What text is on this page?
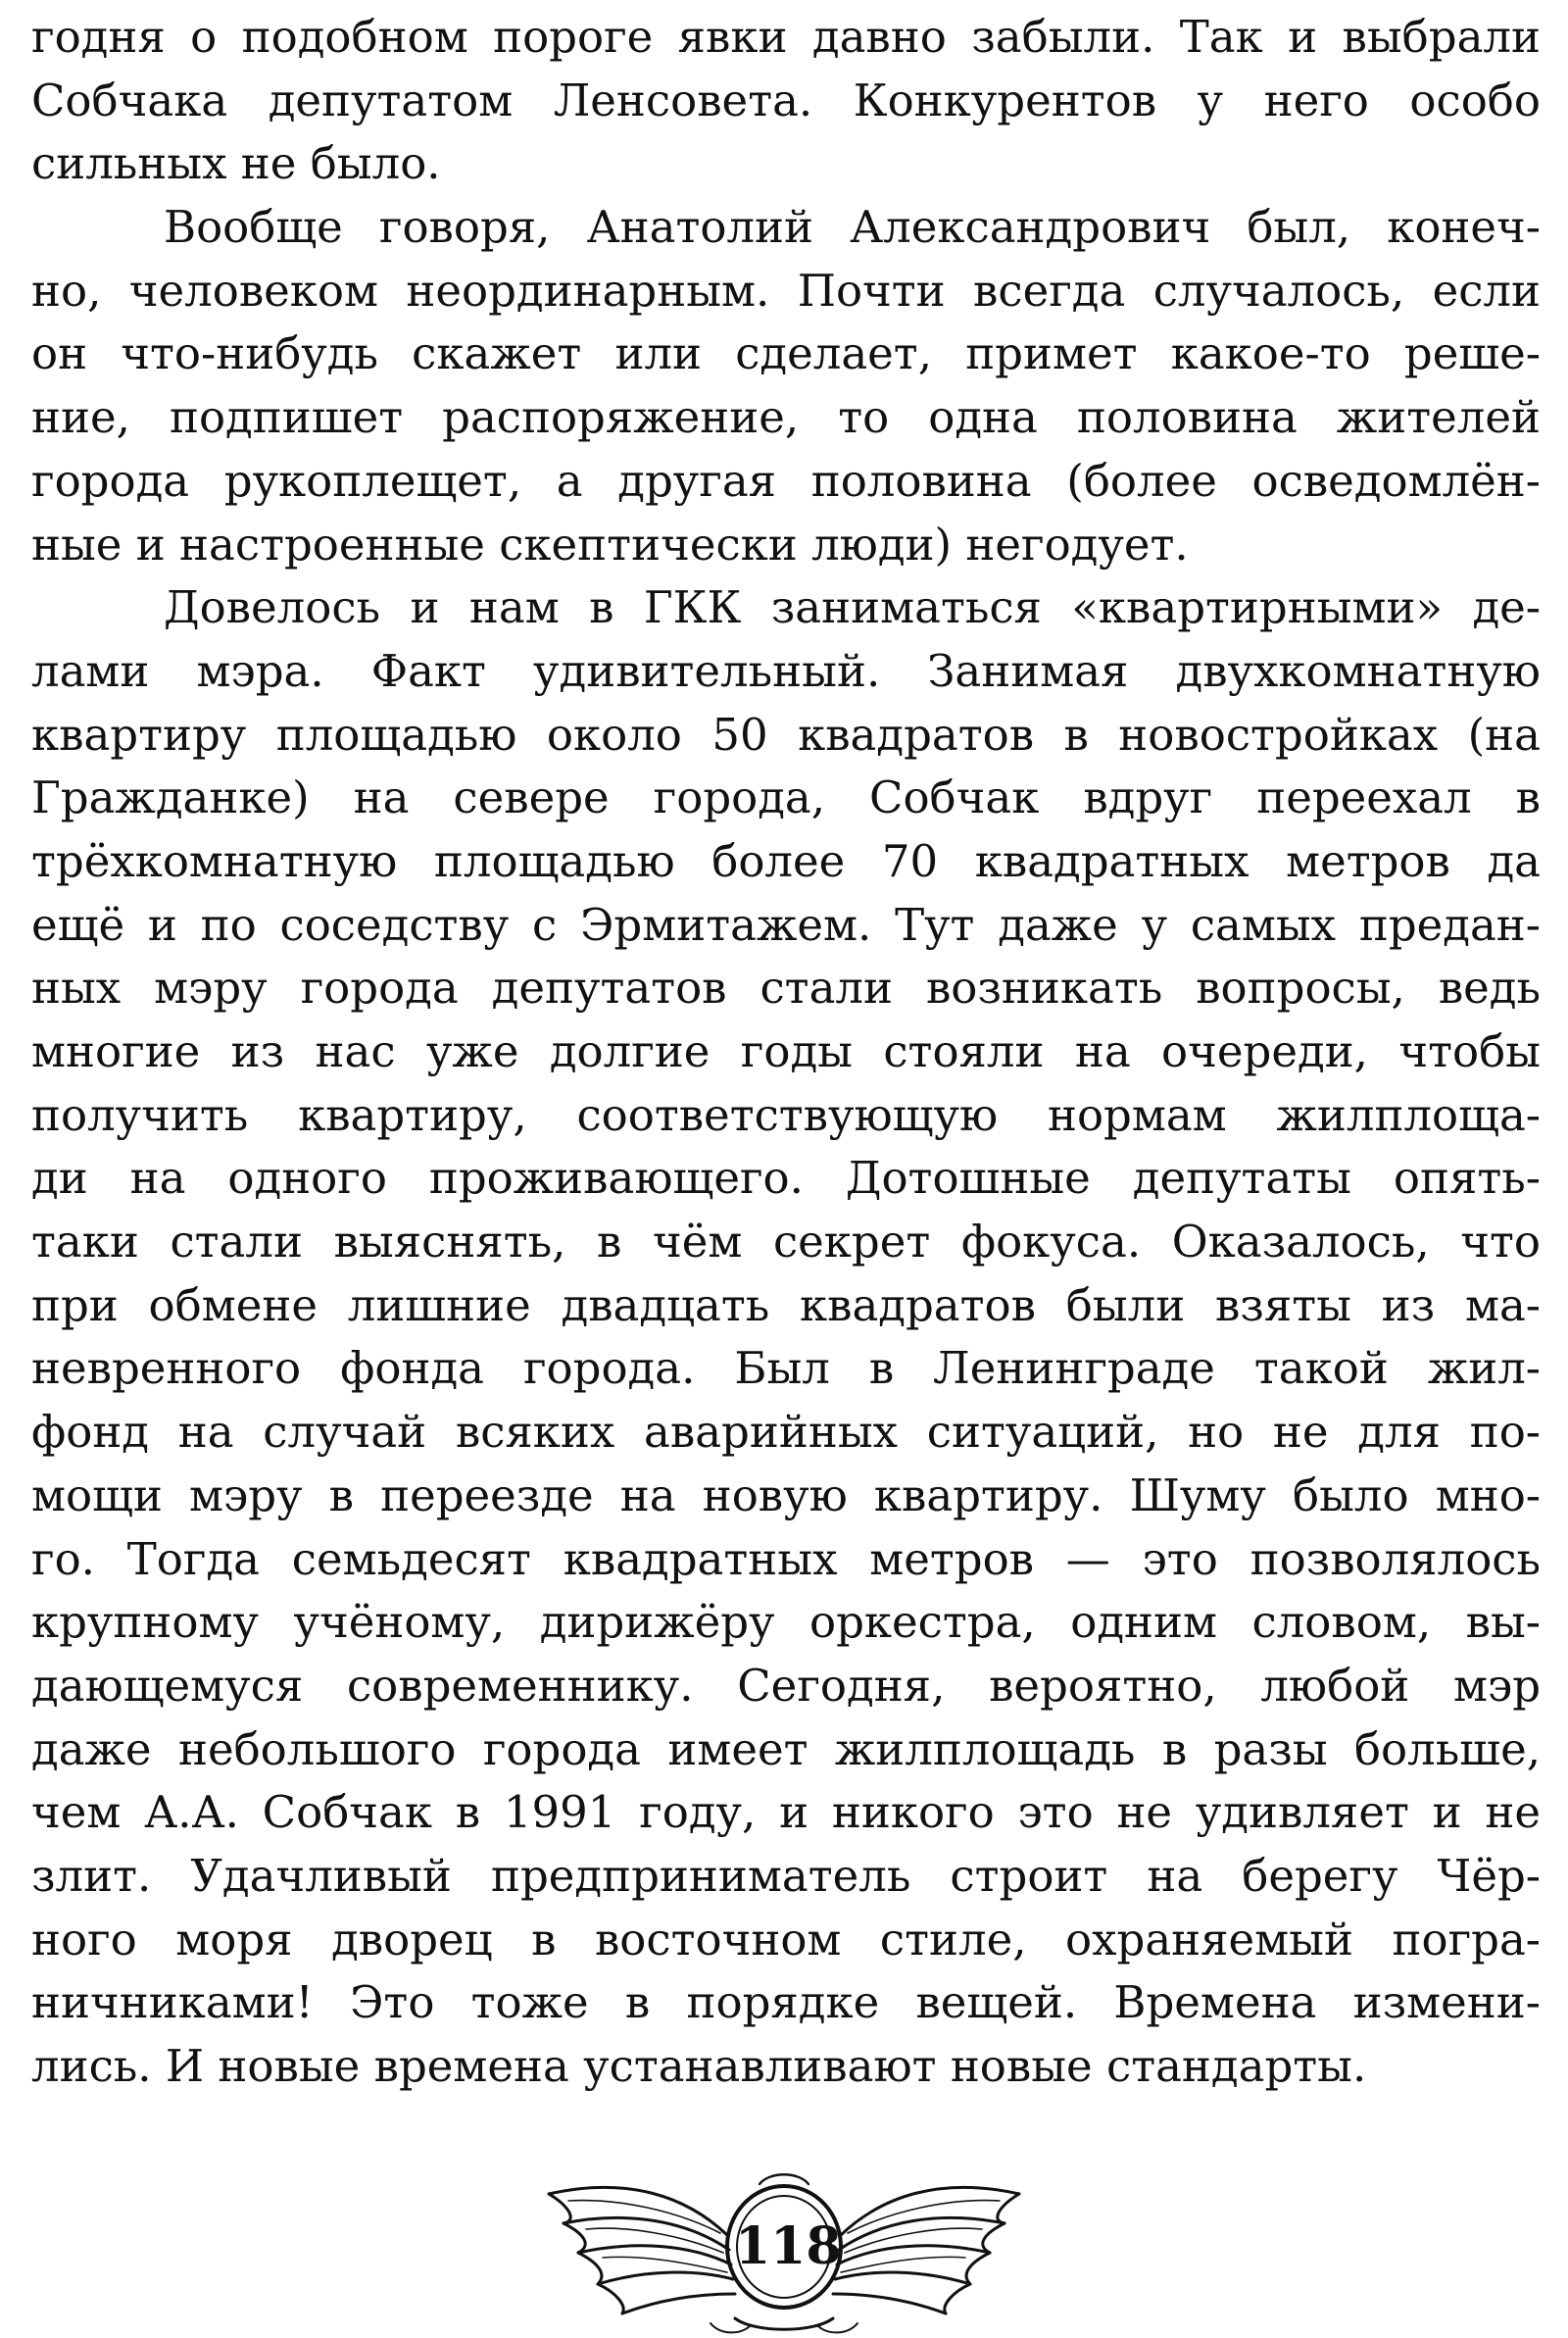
годня о подобном пороге явки давно забыли. Так и выбрали
Собчака депутатом Ленсовета. Конкурентов у него особо
сильных не было.
Вообще говоря, Анатолий Александрович был, конеч-
но, человеком неординарным. Почти всегда случалось, если
он что-нибудь скажет или сделает, примет какое-то реше-
ние, подпишет распоряжение, то одна половина жителей
города рукоплещет, а другая половина (более осведомлён-
ные и настроенные скептически люди) негодует.
Довелось и нам в ГКК заниматься «квартирными» де-
лами мэра. Факт удивительный. Занимая двухкомнатную
квартиру площадью около 50 квадратов в новостройках (на
Гражданке) на севере города, Собчак вдруг переехал в
трёхкомнатную площадью более 70 квадратных метров да
ещё и по соседству с Эрмитажем. Тут даже у самых предан-
ных мэру города депутатов стали возникать вопросы, ведь
многие из нас уже долгие годы стояли на очереди, чтобы
получить квартиру, соответствующую нормам жилплоща-
ди на одного проживающего. Дотошные депутаты опять-
таки стали выяснять, в чём секрет фокуса. Оказалось, что
при обмене лишние двадцать квадратов были взяты из ма-
невренного фонда города. Был в Ленинграде такой жил-
фонд на случай всяких аварийных ситуаций, но не для по-
мощи мэру в переезде на новую квартиру. Шуму было мно-
го. Тогда семьдесят квадратных метров — это позволялось
крупному учёному, дирижёру оркестра, одним словом, вы-
дающемуся современнику. Сегодня, вероятно, любой мэр
даже небольшого города имеет жилплощадь в разы больше,
чем А.А. Собчак в 1991 году, и никого это не удивляет и не
злит. Удачливый предприниматель строит на берегу Чёр-
ного моря дворец в восточном стиле, охраняемый погра-
ничниками! Это тоже в порядке вещей. Времена измени-
лись. И новые времена устанавливают новые стандарты.
118
